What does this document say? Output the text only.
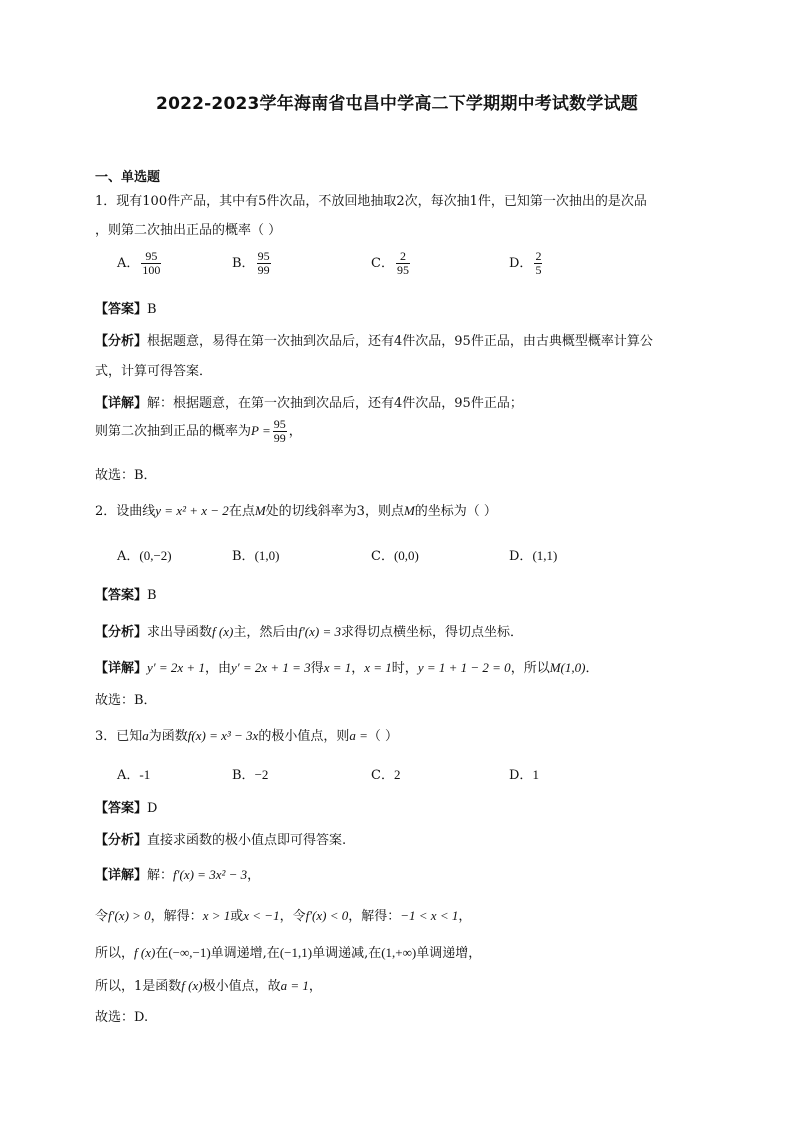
2022-2023学年海南省屯昌中学高二下学期期中考试数学试题
一、单选题
1．现有100件产品，其中有5件次品，不放回地抽取2次，每次抽1件，已知第一次抽出的是次品
，则第二次抽出正品的概率（ ）
A． $\frac{95}{100}$	B． $\frac{95}{99}$	C． $\frac{2}{95}$	D． $\frac{2}{5}$
【答案】B
【分析】根据题意，易得在第一次抽到次品后，还有4件次品，95件正品，由古典概型概率计算公
式，计算可得答案．
【详解】解：根据题意，在第一次抽到次品后，还有4件次品，95件正品；
则第二次抽到正品的概率为$P = \frac{95}{99}$ ，
故选：B．
2．设曲线y = x² + x − 2在点M处的切线斜率为3，则点M的坐标为（ ）
A．(0,−2)	B．(1,0)	C．(0,0)	D．(1,1)
【答案】B
【分析】求出导函数f (x)主，然后由f′(x) = 3求得切点横坐标，得切点坐标．
【详解】y′ = 2x + 1，由y′ = 2x + 1 = 3得x = 1，x = 1时，y = 1 + 1 − 2 = 0，所以M(1,0)．
故选：B．
3．已知a为函数f(x) = x³ − 3x的极小值点，则a =（ ）
A．-1	B．−2	C．2	D．1
【答案】D
【分析】直接求函数的极小值点即可得答案.
【详解】解：f′(x) = 3x² − 3，
令f′(x) > 0，解得：x > 1或x < −1，令f′(x) < 0，解得：−1 < x < 1，
所以，f (x)在(−∞,−1)单调递增,在(−1,1)单调递减,在(1,+∞)单调递增，
所以，1是函数f (x)极小值点，故a = 1，
故选：D.
